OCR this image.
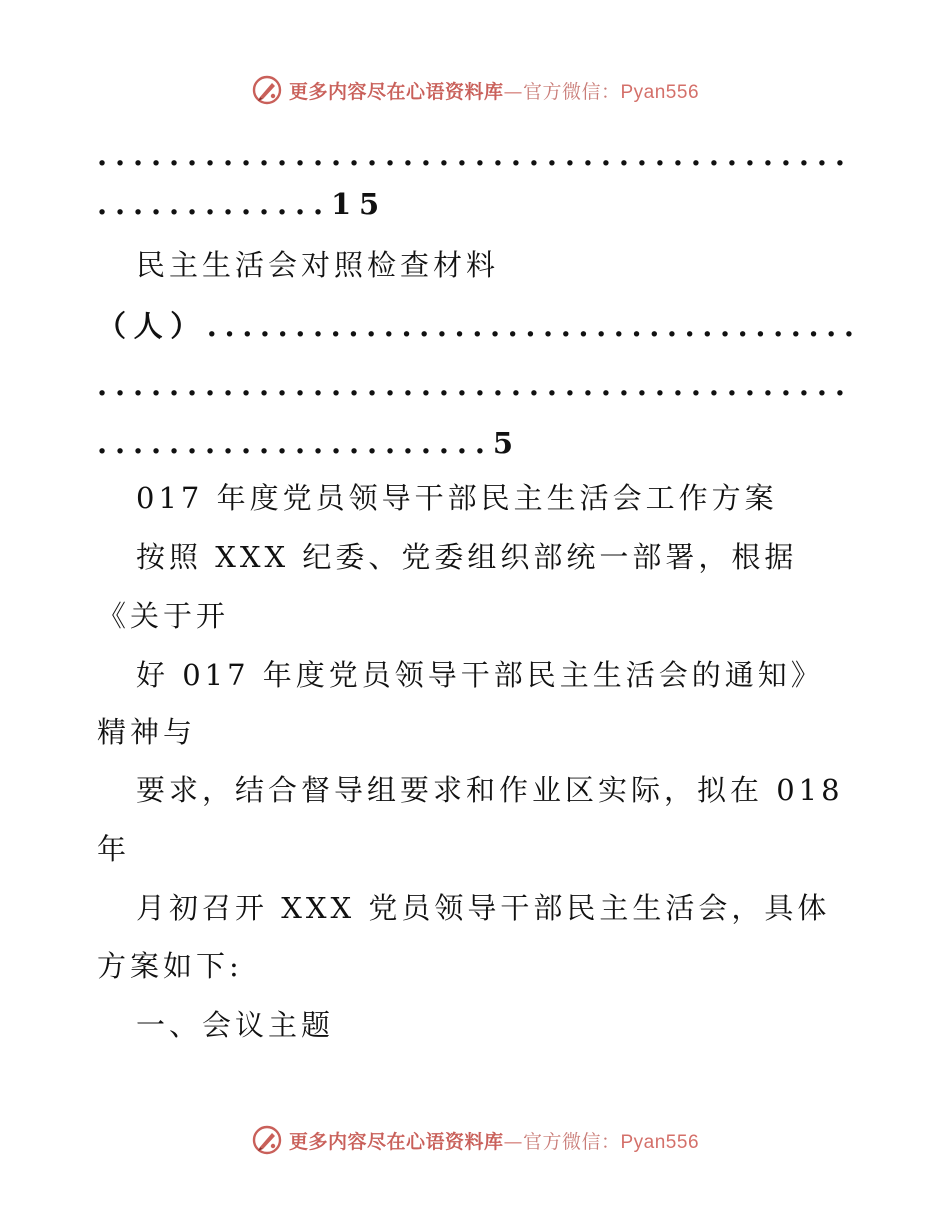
更多内容尽在心语资料库—官方微信：Pyan556
..........................................
.............15
民主生活会对照检查材料
（人）.....................................
..........................................
......................5
017 年度党员领导干部民主生活会工作方案
按照 XXX 纪委、党委组织部统一部署，根据
《关于开
好 017 年度党员领导干部民主生活会的通知》
精神与
要求，结合督导组要求和作业区实际，拟在 018
年
月初召开 XXX 党员领导干部民主生活会，具体
方案如下:
一、会议主题
更多内容尽在心语资料库—官方微信：Pyan556
